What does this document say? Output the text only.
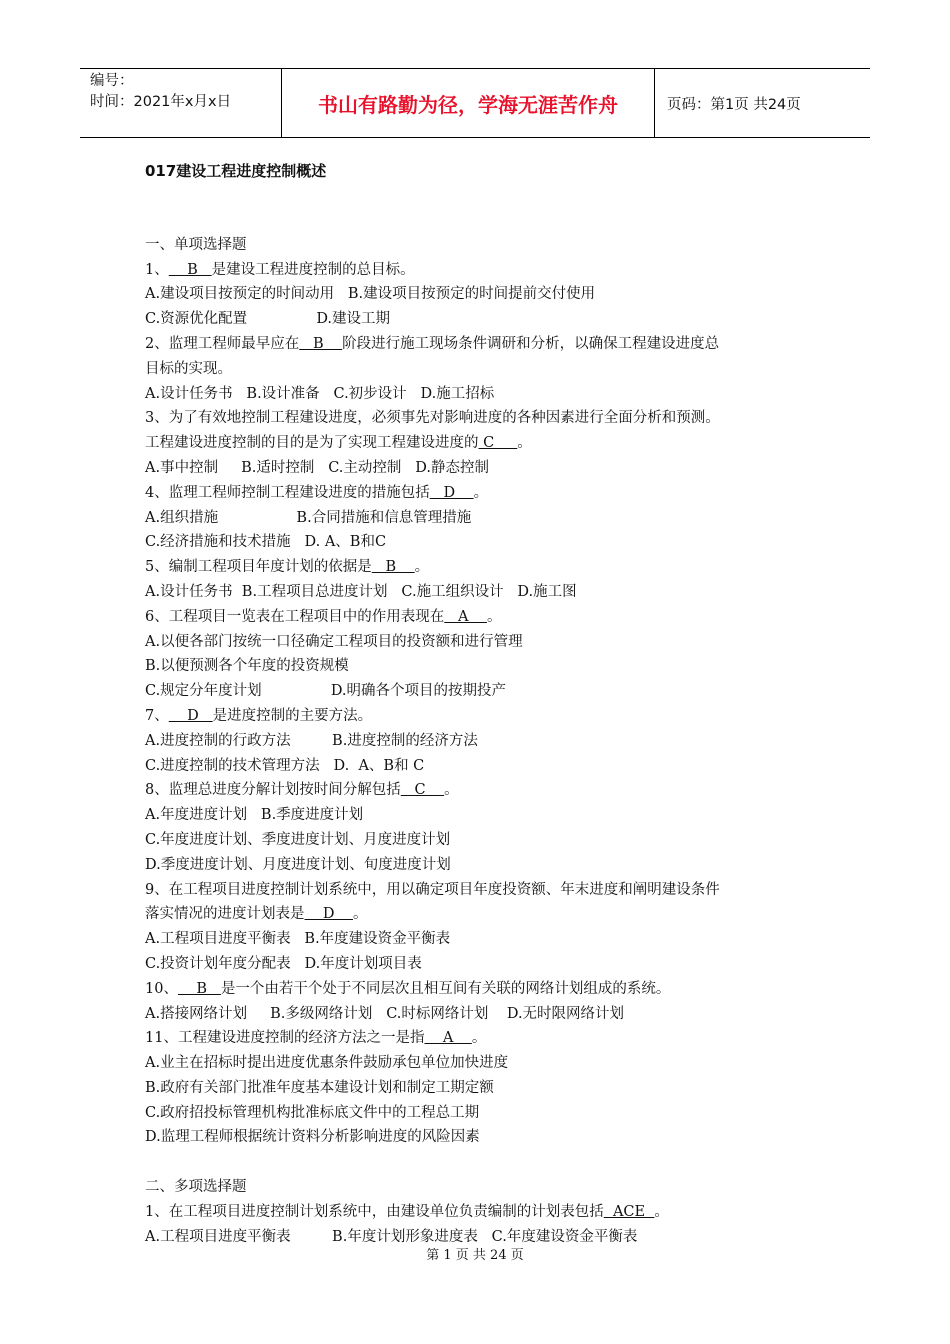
编号：
时间：2021年x月x日	书山有路勤为径，学海无涯苦作舟	页码：第1页 共24页
017建设工程进度控制概述
一、单项选择题
1、    B   是建设工程进度控制的总目标。
A.建设项目按预定的时间动用   B.建设项目按预定的时间提前交付使用
C.资源优化配置               D.建设工期
2、监理工程师最早应在   B    阶段进行施工现场条件调研和分析，以确保工程建设进度总
目标的实现。
A.设计任务书   B.设计准备   C.初步设计   D.施工招标
3、为了有效地控制工程建设进度，必须事先对影响进度的各种因素进行全面分析和预测。
工程建设进度控制的目的是为了实现工程建设进度的 C     。
A.事中控制     B.适时控制   C.主动控制   D.静态控制
4、监理工程师控制工程建设进度的措施包括   D    。
A.组织措施                 B.合同措施和信息管理措施
C.经济措施和技术措施   D. A、B和C
5、编制工程项目年度计划的依据是   B    。
A.设计任务书  B.工程项目总进度计划   C.施工组织设计   D.施工图
6、工程项目一览表在工程项目中的作用表现在   A    。
A.以便各部门按统一口径确定工程项目的投资额和进行管理
B.以便预测各个年度的投资规模
C.规定分年度计划               D.明确各个项目的按期投产
7、    D   是进度控制的主要方法。
A.进度控制的行政方法         B.进度控制的经济方法
C.进度控制的技术管理方法   D.  A、B和 C
8、监理总进度分解计划按时间分解包括   C    。
A.年度进度计划   B.季度进度计划
C.年度进度计划、季度进度计划、月度进度计划
D.季度进度计划、月度进度计划、旬度进度计划
9、在工程项目进度控制计划系统中，用以确定项目年度投资额、年末进度和阐明建设条件
落实情况的进度计划表是    D    。
A.工程项目进度平衡表   B.年度建设资金平衡表
C.投资计划年度分配表   D.年度计划项目表
10、    B   是一个由若干个处于不同层次且相互间有关联的网络计划组成的系统。
A.搭接网络计划     B.多级网络计划   C.时标网络计划    D.无时限网络计划
11、工程建设进度控制的经济方法之一是指    A    。
A.业主在招标时提出进度优惠条件鼓励承包单位加快进度
B.政府有关部门批准年度基本建设计划和制定工期定额
C.政府招投标管理机构批准标底文件中的工程总工期
D.监理工程师根据统计资料分析影响进度的风险因素
二、多项选择题
1、在工程项目进度控制计划系统中，由建设单位负责编制的计划表包括  ACE  。
A.工程项目进度平衡表         B.年度计划形象进度表   C.年度建设资金平衡表
第 1 页 共 24 页
